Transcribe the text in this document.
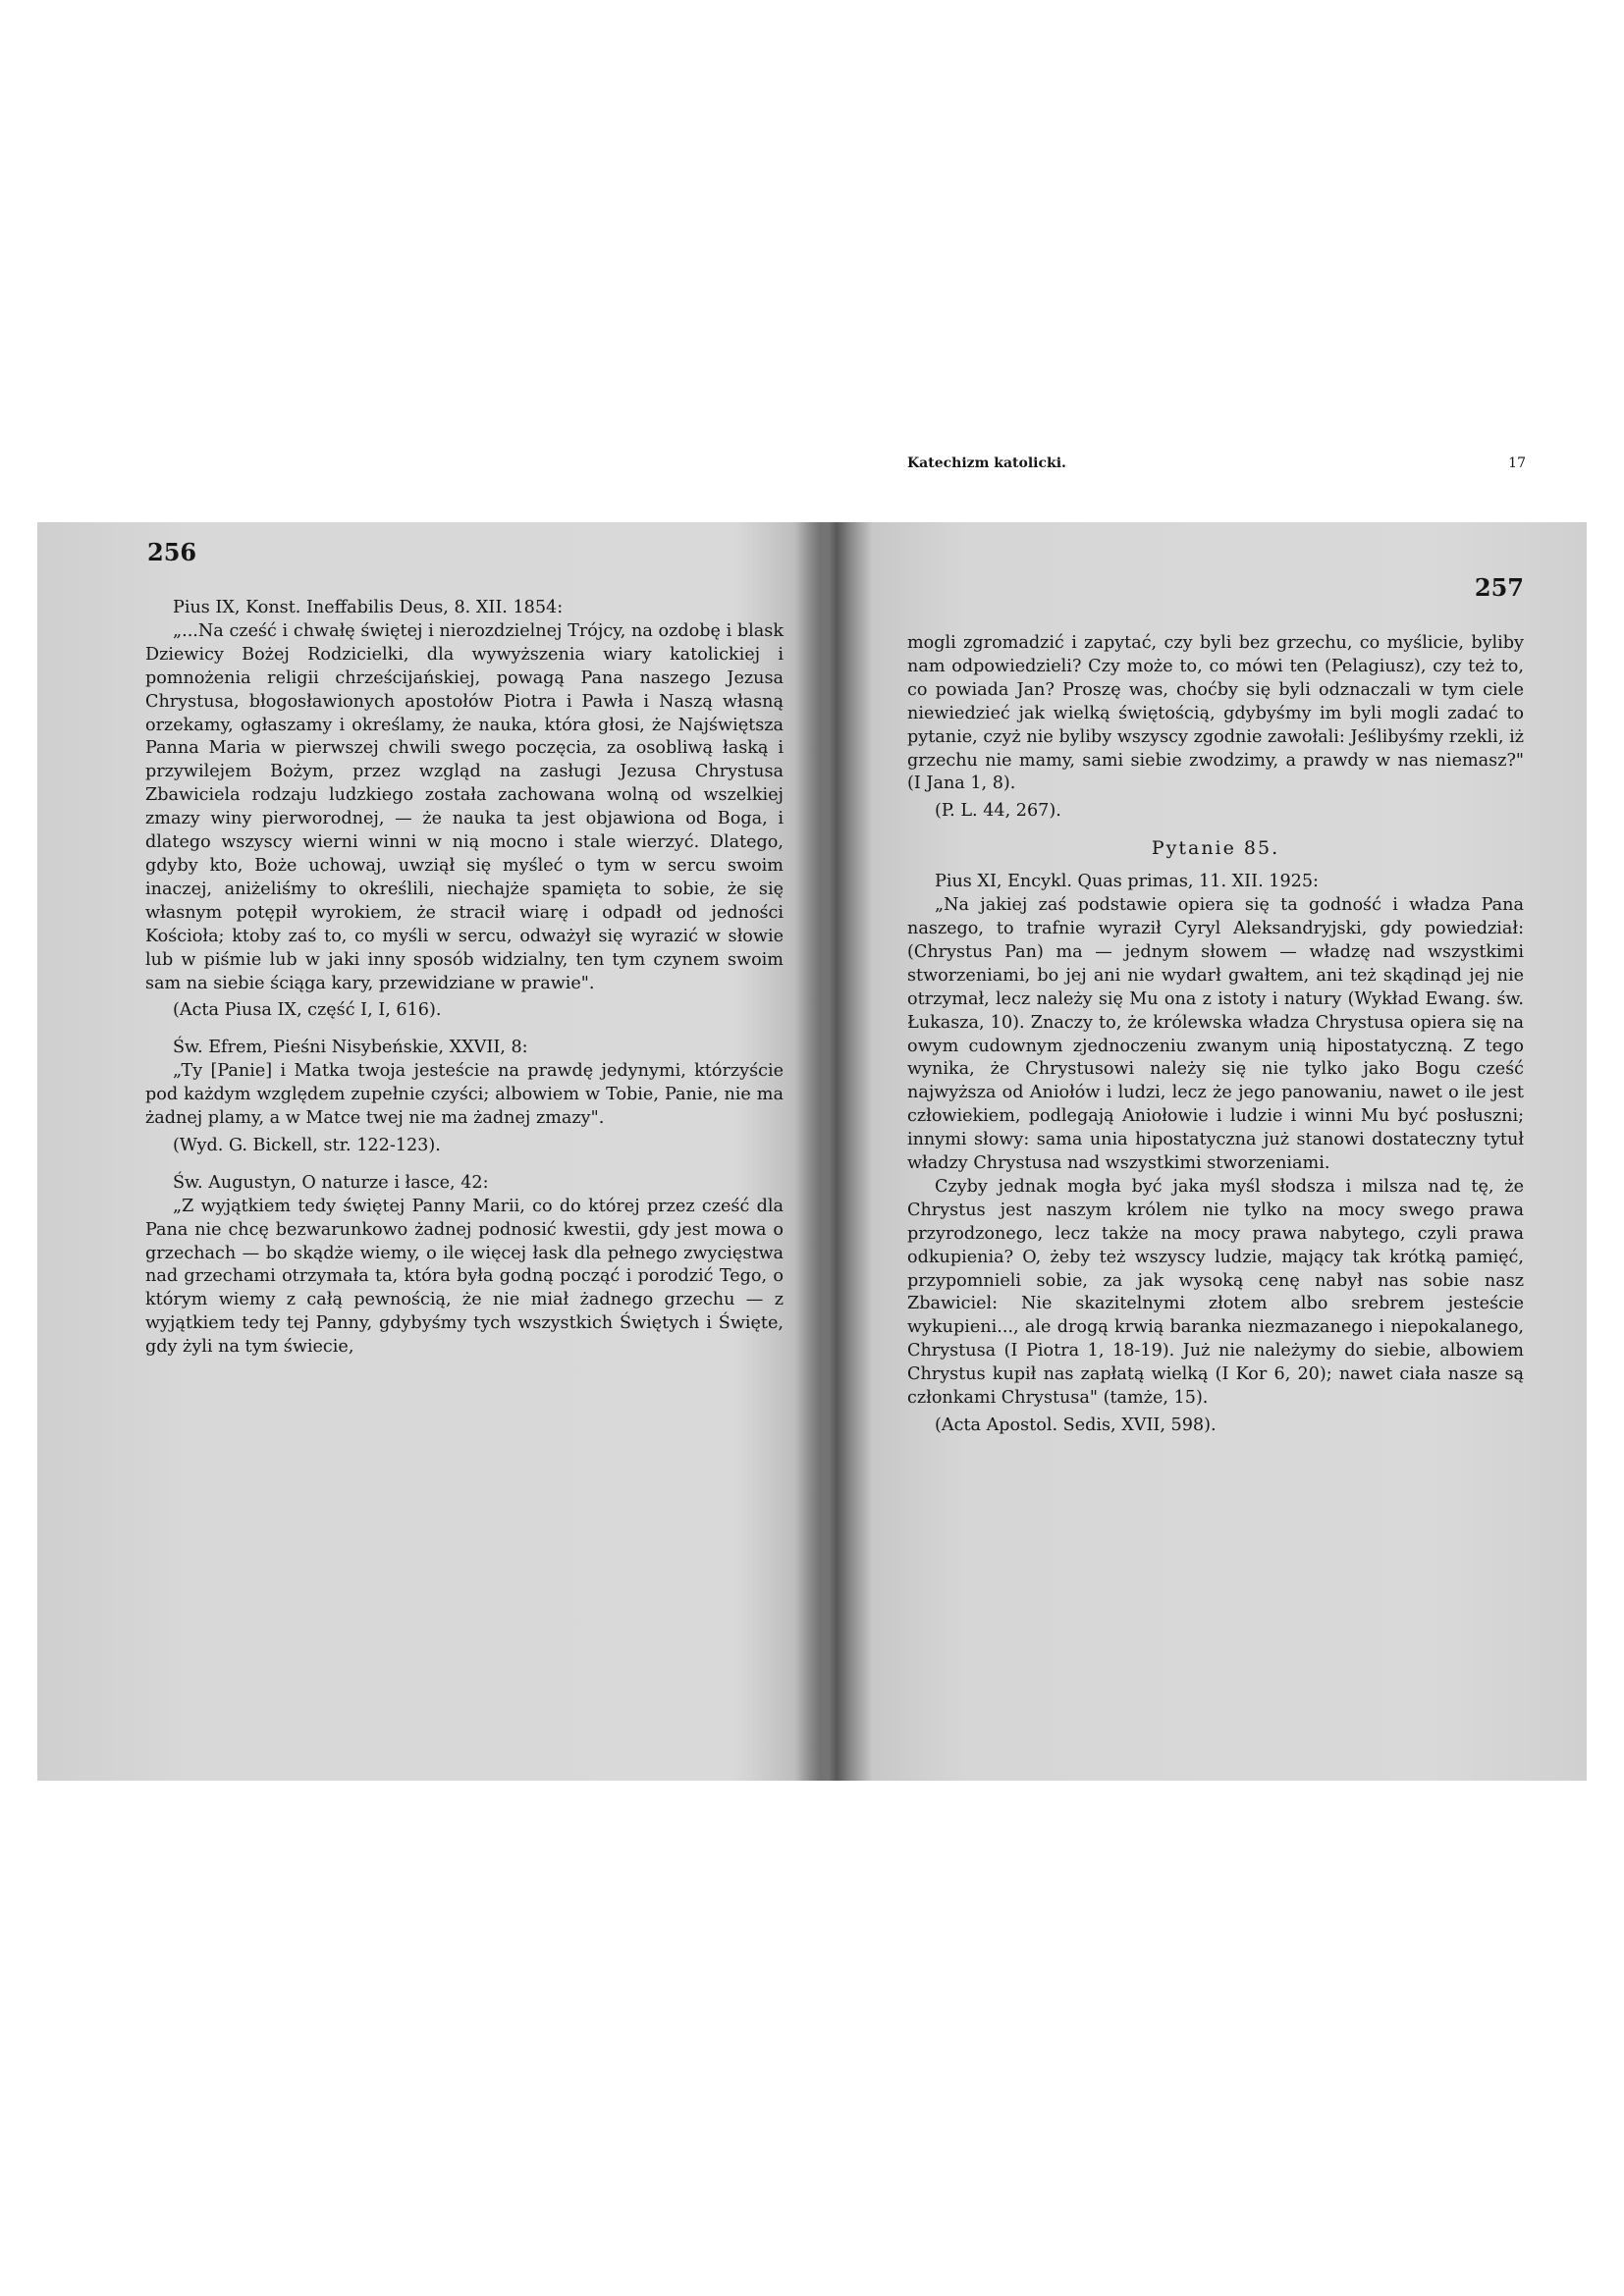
256

Pius IX, Konst. Ineffabilis Deus, 8. XII. 1854:

„...Na cześć i chwałę świętej i nierozdzielnej Trójcy, na ozdobę i blask Dziewicy Bożej Rodzicielki, dla wywyższenia wiary katolickiej i pomnożenia religii chrześcijańskiej, powagą Pana naszego Jezusa Chrystusa, błogosławionych apostołów Piotra i Pawła i Naszą własną orzekamy, ogłaszamy i określamy, że nauka, która głosi, że Najświętsza Panna Maria w pierwszej chwili swego poczęcia, za osobliwą łaską i przywilejem Bożym, przez wzgląd na zasługi Jezusa Chrystusa Zbawiciela rodzaju ludzkiego została zachowana wolną od wszelkiej zmazy winy pierworodnej, — że nauka ta jest objawiona od Boga, i dlatego wszyscy wierni winni w nią mocno i stale wierzyć. Dlatego, gdyby kto, Boże uchowaj, uwziął się myśleć o tym w sercu swoim inaczej, aniżeliśmy to określili, niechajże spamięta to sobie, że się własnym potępił wyrokiem, że stracił wiarę i odpadł od jedności Kościoła; ktoby zaś to, co myśli w sercu, odważył się wyrazić w słowie lub w piśmie lub w jaki inny sposób widzialny, ten tym czynem swoim sam na siebie ściąga kary, przewidziane w prawie".

(Acta Piusa IX, część I, I, 616).

Św. Efrem, Pieśni Nisybeńskie, XXVII, 8:

„Ty [Panie] i Matka twoja jesteście na prawdę jedynymi, którzyście pod każdym względem zupełnie czyści; albowiem w Tobie, Panie, nie ma żadnej plamy, a w Matce twej nie ma żadnej zmazy".

(Wyd. G. Bickell, str. 122-123).

Św. Augustyn, O naturze i łasce, 42:

„Z wyjątkiem tedy świętej Panny Marii, co do której przez cześć dla Pana nie chcę bezwarunkowo żadnej podnosić kwestii, gdy jest mowa o grzechach — bo skądże wiemy, o ile więcej łask dla pełnego zwycięstwa nad grzechami otrzymała ta, która była godną począć i porodzić Tego, o którym wiemy z całą pewnością, że nie miał żadnego grzechu — z wyjątkiem tedy tej Panny, gdybyśmy tych wszystkich Świętych i Święte, gdy żyli na tym świecie,

257

mogli zgromadzić i zapytać, czy byli bez grzechu, co myślicie, byliby nam odpowiedzieli? Czy może to, co mówi ten (Pelagiusz), czy też to, co powiada Jan? Proszę was, choćby się byli odznaczali w tym ciele niewiedzieć jak wielką świętością, gdybyśmy im byli mogli zadać to pytanie, czyż nie byliby wszyscy zgodnie zawołali: Jeślibyśmy rzekli, iż grzechu nie mamy, sami siebie zwodzimy, a prawdy w nas niemasz?" (I Jana 1, 8).

(P. L. 44, 267).

Pytanie 85.

Pius XI, Encykl. Quas primas, 11. XII. 1925:

„Na jakiej zaś podstawie opiera się ta godność i władza Pana naszego, to trafnie wyraził Cyryl Aleksandryjski, gdy powiedział: (Chrystus Pan) ma — jednym słowem — władzę nad wszystkimi stworzeniami, bo jej ani nie wydarł gwałtem, ani też skądinąd jej nie otrzymał, lecz należy się Mu ona z istoty i natury (Wykład Ewang. św. Łukasza, 10). Znaczy to, że królewska władza Chrystusa opiera się na owym cudownym zjednoczeniu zwanym unią hipostatyczną. Z tego wynika, że Chrystusowi należy się nie tylko jako Bogu cześć najwyższa od Aniołów i ludzi, lecz że jego panowaniu, nawet o ile jest człowiekiem, podlegają Aniołowie i ludzie i winni Mu być posłuszni; innymi słowy: sama unia hipostatyczna już stanowi dostateczny tytuł władzy Chrystusa nad wszystkimi stworzeniami.

Czyby jednak mogła być jaka myśl słodsza i milsza nad tę, że Chrystus jest naszym królem nie tylko na mocy swego prawa przyrodzonego, lecz także na mocy prawa nabytego, czyli prawa odkupienia? O, żeby też wszyscy ludzie, mający tak krótką pamięć, przypomnieli sobie, za jak wysoką cenę nabył nas sobie nasz Zbawiciel: Nie skazitelnymi złotem albo srebrem jesteście wykupieni..., ale drogą krwią baranka niezmazanego i niepokalanego, Chrystusa (I Piotra 1, 18-19). Już nie należymy do siebie, albowiem Chrystus kupił nas zapłatą wielką (I Kor 6, 20); nawet ciała nasze są członkami Chrystusa" (tamże, 15).

(Acta Apostol. Sedis, XVII, 598).

Katechizm katolicki.	17
